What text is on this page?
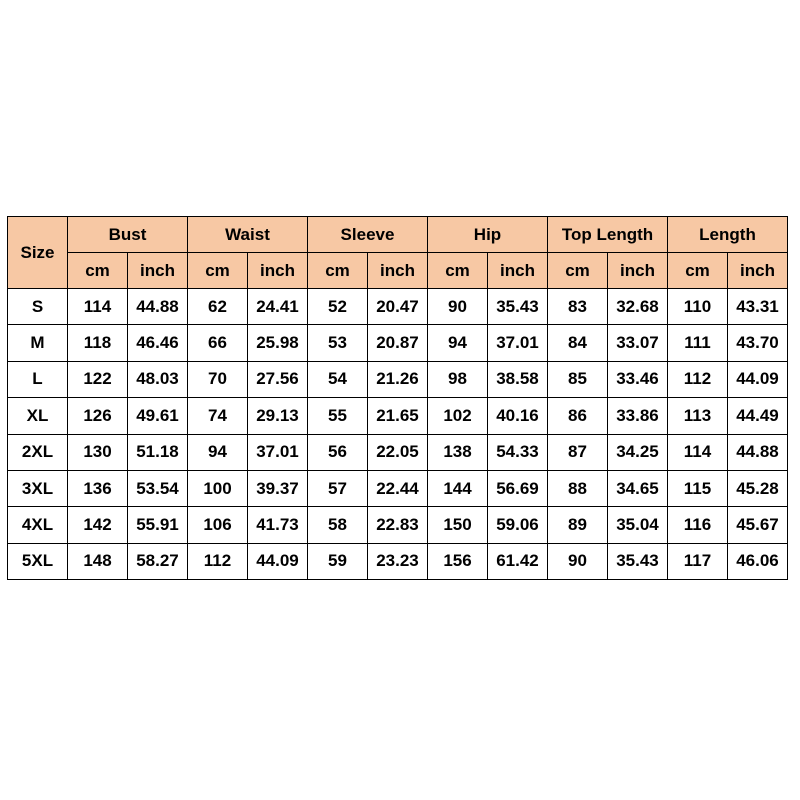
Size	Bust		Waist		Sleeve		Hip		Top Length		Length	
	cm	inch	cm	inch	cm	inch	cm	inch	cm	inch	cm	inch
S	114	44.88	62	24.41	52	20.47	90	35.43	83	32.68	110	43.31
M	118	46.46	66	25.98	53	20.87	94	37.01	84	33.07	111	43.70
L	122	48.03	70	27.56	54	21.26	98	38.58	85	33.46	112	44.09
XL	126	49.61	74	29.13	55	21.65	102	40.16	86	33.86	113	44.49
2XL	130	51.18	94	37.01	56	22.05	138	54.33	87	34.25	114	44.88
3XL	136	53.54	100	39.37	57	22.44	144	56.69	88	34.65	115	45.28
4XL	142	55.91	106	41.73	58	22.83	150	59.06	89	35.04	116	45.67
5XL	148	58.27	112	44.09	59	23.23	156	61.42	90	35.43	117	46.06
